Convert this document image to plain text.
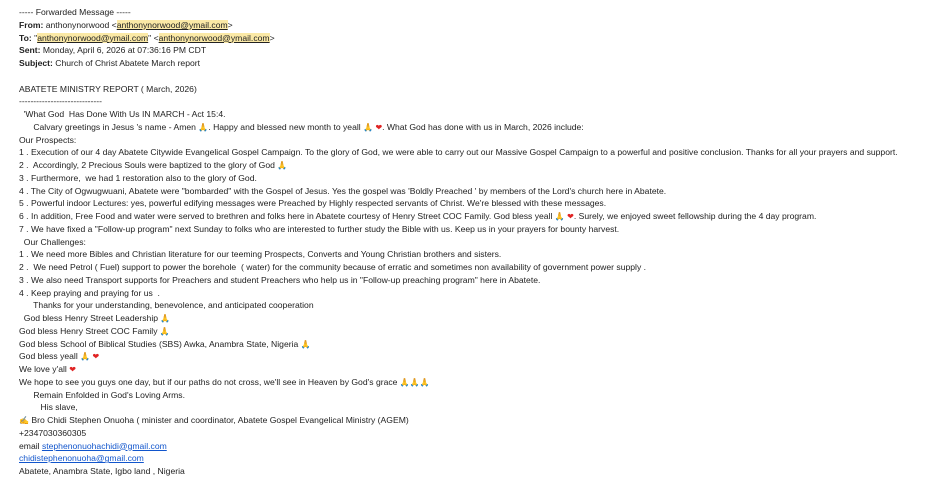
----- Forwarded Message -----
From: anthonynorwood <anthonynorwood@ymail.com>
To: "anthonynorwood@ymail.com" <anthonynorwood@ymail.com>
Sent: Monday, April 6, 2026 at 07:36:16 PM CDT
Subject: Church of Christ Abatete March report
ABATETE MINISTRY REPORT ( March, 2026)
-----------------------------
'What God  Has Done With Us IN MARCH - Act 15:4.
Calvary greetings in Jesus 's name - Amen 🙏. Happy and blessed new month to yeall 🙏 ❤. What God has done with us in March, 2026 include:
Our Prospects:
1 . Execution of our 4 day Abatete Citywide Evangelical Gospel Campaign. To the glory of God, we were able to carry out our Massive Gospel Campaign to a powerful and positive conclusion. Thanks for all your prayers and support.
2 .  Accordingly, 2 Precious Souls were baptized to the glory of God 🙏
3 . Furthermore,  we had 1 restoration also to the glory of God.
4 . The City of Ogwugwuani, Abatete were "bombarded" with the Gospel of Jesus. Yes the gospel was 'Boldly Preached ' by members of the Lord's church here in Abatete.
5 . Powerful indoor Lectures: yes, powerful edifying messages were Preached by Highly respected servants of Christ. We're blessed with these messages.
6 . In addition, Free Food and water were served to brethren and folks here in Abatete courtesy of Henry Street COC Family. God bless yeall 🙏 ❤. Surely, we enjoyed sweet fellowship during the 4 day program.
7 . We have fixed a "Follow-up program" next Sunday to folks who are interested to further study the Bible with us. Keep us in your prayers for bounty harvest.
Our Challenges:
1 . We need more Bibles and Christian literature for our teeming Prospects, Converts and Young Christian brothers and sisters.
2 .  We need Petrol ( Fuel) support to power the borehole  ( water) for the community because of erratic and sometimes non availability of government power supply .
3 . We also need Transport supports for Preachers and student Preachers who help us in "Follow-up preaching program" here in Abatete.
4 . Keep praying and praying for us  .
Thanks for your understanding, benevolence, and anticipated cooperation
God bless Henry Street Leadership 🙏
God bless Henry Street COC Family 🙏
God bless School of Biblical Studies (SBS) Awka, Anambra State, Nigeria 🙏
God bless yeall 🙏 ❤
We love y'all ❤
We hope to see you guys one day, but if our paths do not cross, we'll see in Heaven by God's grace 🙏🙏🙏
Remain Enfolded in God's Loving Arms.
His slave,
✍ Bro Chidi Stephen Onuoha ( minister and coordinator, Abatete Gospel Evangelical Ministry (AGEM)
+2347030360305
email stephenonuohachidi@gmail.com
chidistephenonuoha@gmail.com
Abatete, Anambra State, Igbo land , Nigeria
